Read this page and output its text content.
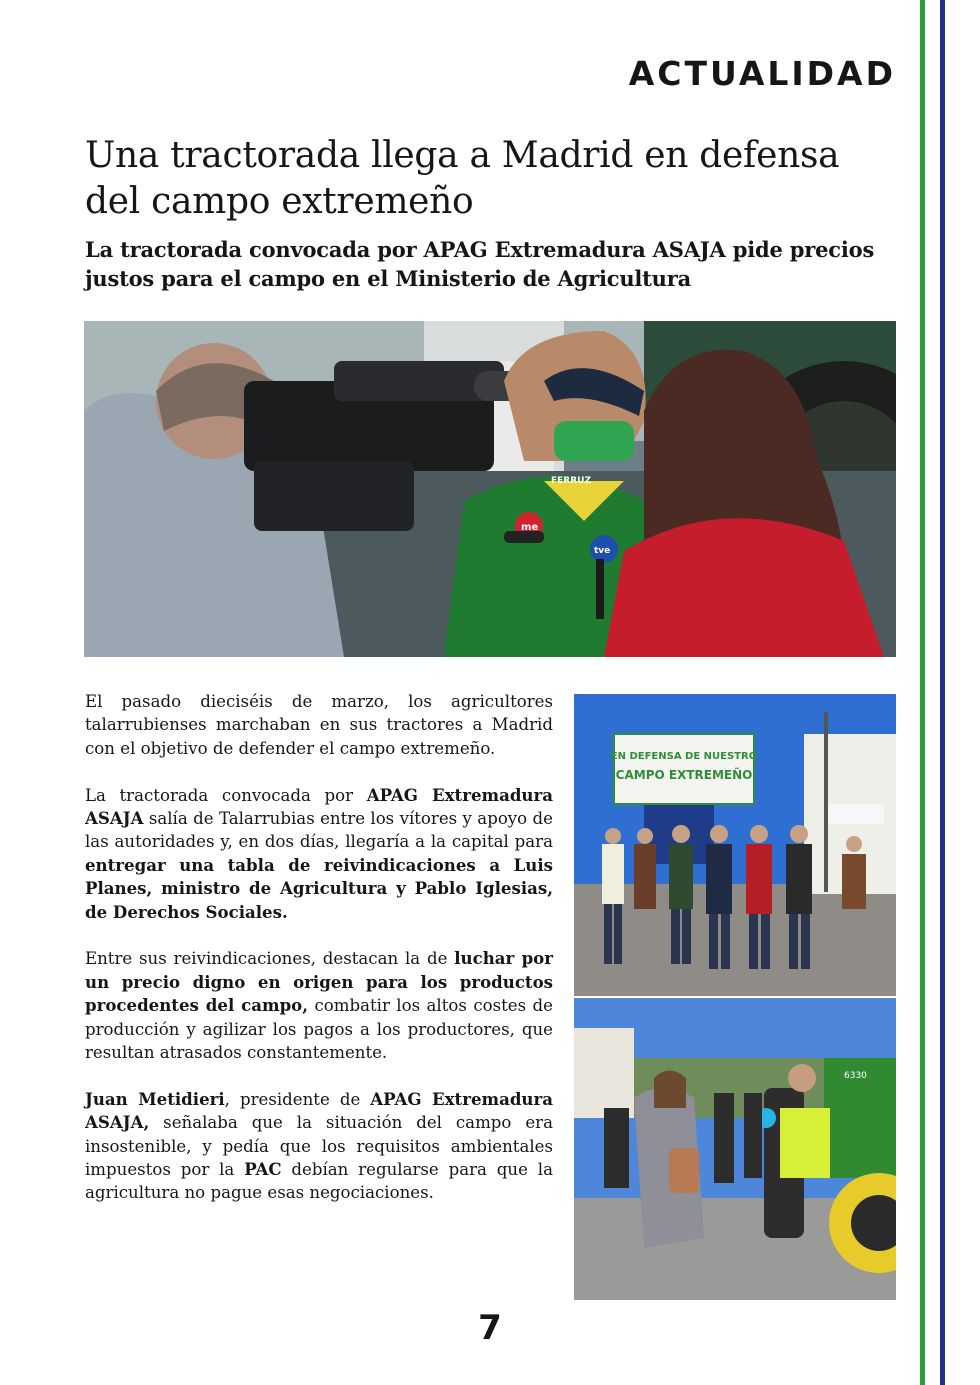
ACTUALIDAD
Una tractorada llega a Madrid en defensa del campo extremeño
La tractorada convocada por APAG Extremadura ASAJA pide precios justos para el campo en el Ministerio de Agricultura
FERRUZ
me
tve

El pasado dieciséis de marzo, los agricultores talarrubienses marchaban en sus tractores a Madrid con el objetivo de defender el campo extremeño.

La tractorada convocada por APAG Extremadura ASAJA salía de Talarrubias entre los vítores y apoyo de las autoridades y, en dos días, llegaría a la capital para entregar una tabla de reivindicaciones a Luis Planes, ministro de Agricultura y Pablo Iglesias, de Derechos Sociales.

Entre sus reivindicaciones, destacan la de luchar por un precio digno en origen para los productos procedentes del campo, combatir los altos costes de producción y agilizar los pagos a los productores, que resultan atrasados constantemente.

Juan Metidieri, presidente de APAG Extremadura ASAJA, señalaba que la situación del campo era insostenible, y pedía que los requisitos ambientales impuestos por la PAC debían regularse para que la agricultura no pague esas negociaciones.

EN DEFENSA DE NUESTRO
CAMPO EXTREMEÑO
6330
7
